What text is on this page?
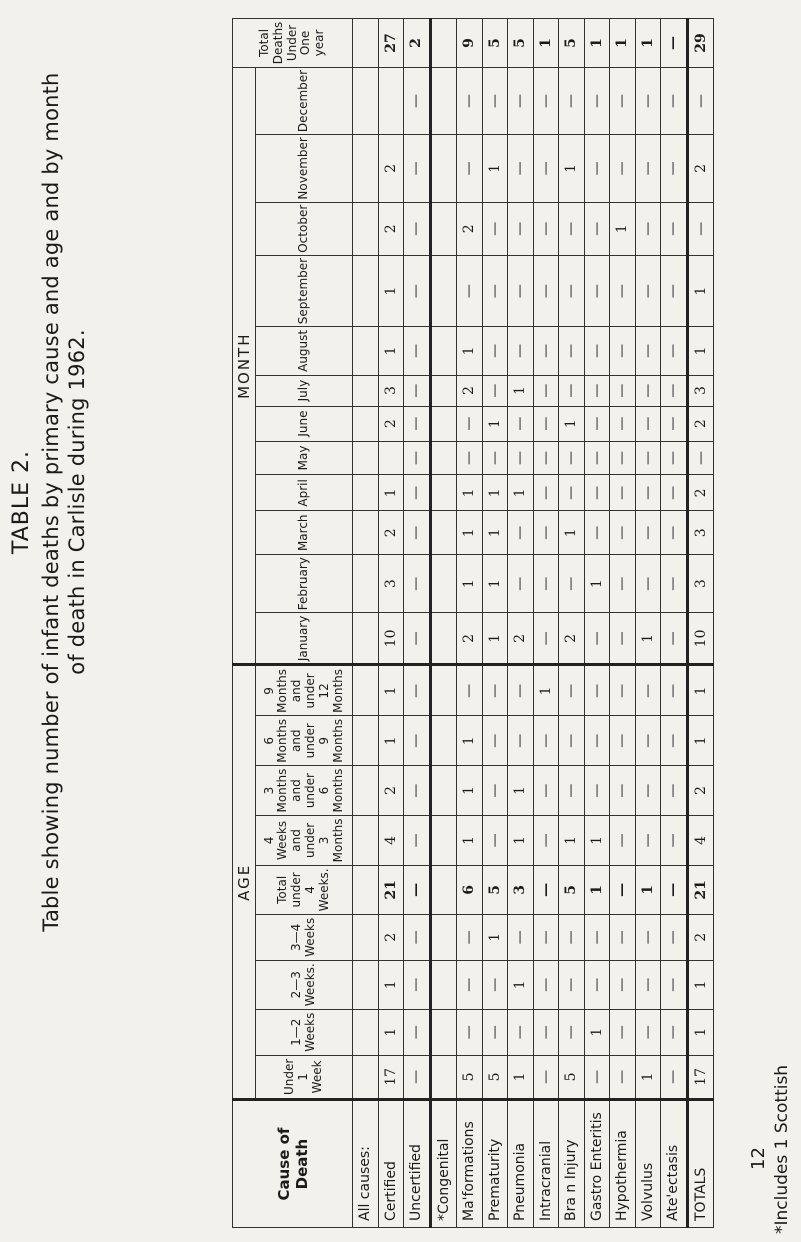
TABLE 2. Table showing number of infant deaths by primary cause and age and by month of death in Carlisle during 1962.
Cause of Death	AGE									MONTH												Total Deaths Under One year
	Under 1 Week	1—2 Weeks	2—3 Weeks.	3—4 Weeks	Total under 4 Weeks.	4 Weeks and under 3 Months	3 Months and under 6 Months	6 Months and under 9 Months	9 Months and under 12 Months	January	February	March	April	May	June	July	August	September	October	November	December	
All causes:																						
Certified	17	1	1	2	21	4	2	1	1	10	3	2	1		2	3	1	1	2	2		27
Uncertified	—	—	—	—	—	—	—	—	—	—	—	—	—	—	—	—	—	—	—	—	—	2
*Congenital																						
Ma'formations	5	—	—	—	6	1	1	1	—	2	1	1	1	—	—	2	1	—	2	—	—	9
Prematurity	5	—	—	1	5	—	—	—	—	1	1	1	1	—	1	—	—	—	—	1	—	5
Pneumonia	1	—	1	—	3	1	1	—	—	2	—	—	1	—	—	1	—	—	—	—	—	5
Intracranial	—	—	—	—	—	—	—	—	1	—	—	—	—	—	—	—	—	—	—	—	—	1
Bra n Injury	5	—	—	—	5	1	—	—	—	2	—	1	—	—	1	—	—	—	—	1	—	5
Gastro Enteritis	—	1	—	—	1	1	—	—	—	—	1	—	—	—	—	—	—	—	—	—	—	1
Hypothermia	—	—	—	—	—	—	—	—	—	—	—	—	—	—	—	—	—	—	1	—	—	1
Volvulus	1	—	—	—	1	—	—	—	—	1	—	—	—	—	—	—	—	—	—	—	—	1
Ate'ectasis	—	—	—	—	—	—	—	—	—	—	—	—	—	—	—	—	—	—	—	—	—	—
TOTALS	17	1	1	2	21	4	2	1	1	10	3	3	2	—	2	3	1	1	—	2	—	29
12 *Includes 1 Scottish
